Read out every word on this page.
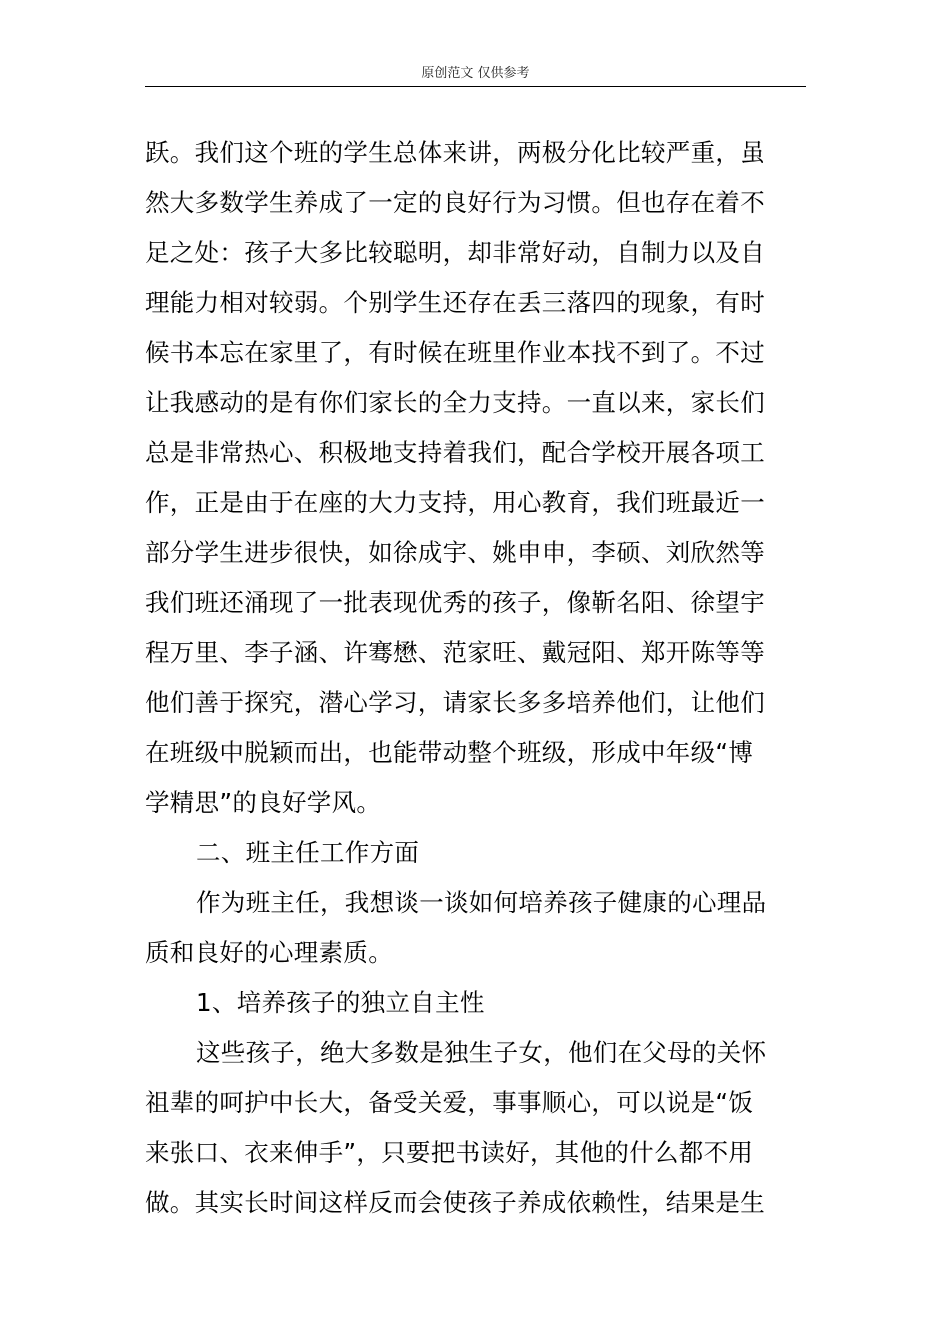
原创范文 仅供参考
跃。我们这个班的学生总体来讲，两极分化比较严重，虽
然大多数学生养成了一定的良好行为习惯。但也存在着不
足之处：孩子大多比较聪明，却非常好动，自制力以及自
理能力相对较弱。个别学生还存在丢三落四的现象，有时
候书本忘在家里了，有时候在班里作业本找不到了。不过
让我感动的是有你们家长的全力支持。一直以来，家长们
总是非常热心、积极地支持着我们，配合学校开展各项工
作，正是由于在座的大力支持，用心教育，我们班最近一
部分学生进步很快，如徐成宇、姚申申，李硕、刘欣然等
我们班还涌现了一批表现优秀的孩子，像靳名阳、徐望宇
程万里、李子涵、许骞懋、范家旺、戴冠阳、郑开陈等等
他们善于探究，潜心学习，请家长多多培养他们，让他们
在班级中脱颖而出，也能带动整个班级，形成中年级“博
学精思”的良好学风。
二、班主任工作方面
作为班主任，我想谈一谈如何培养孩子健康的心理品
质和良好的心理素质。
1、培养孩子的独立自主性
这些孩子，绝大多数是独生子女，他们在父母的关怀
祖辈的呵护中长大，备受关爱，事事顺心，可以说是“饭
来张口、衣来伸手”，只要把书读好，其他的什么都不用
做。其实长时间这样反而会使孩子养成依赖性，结果是生
